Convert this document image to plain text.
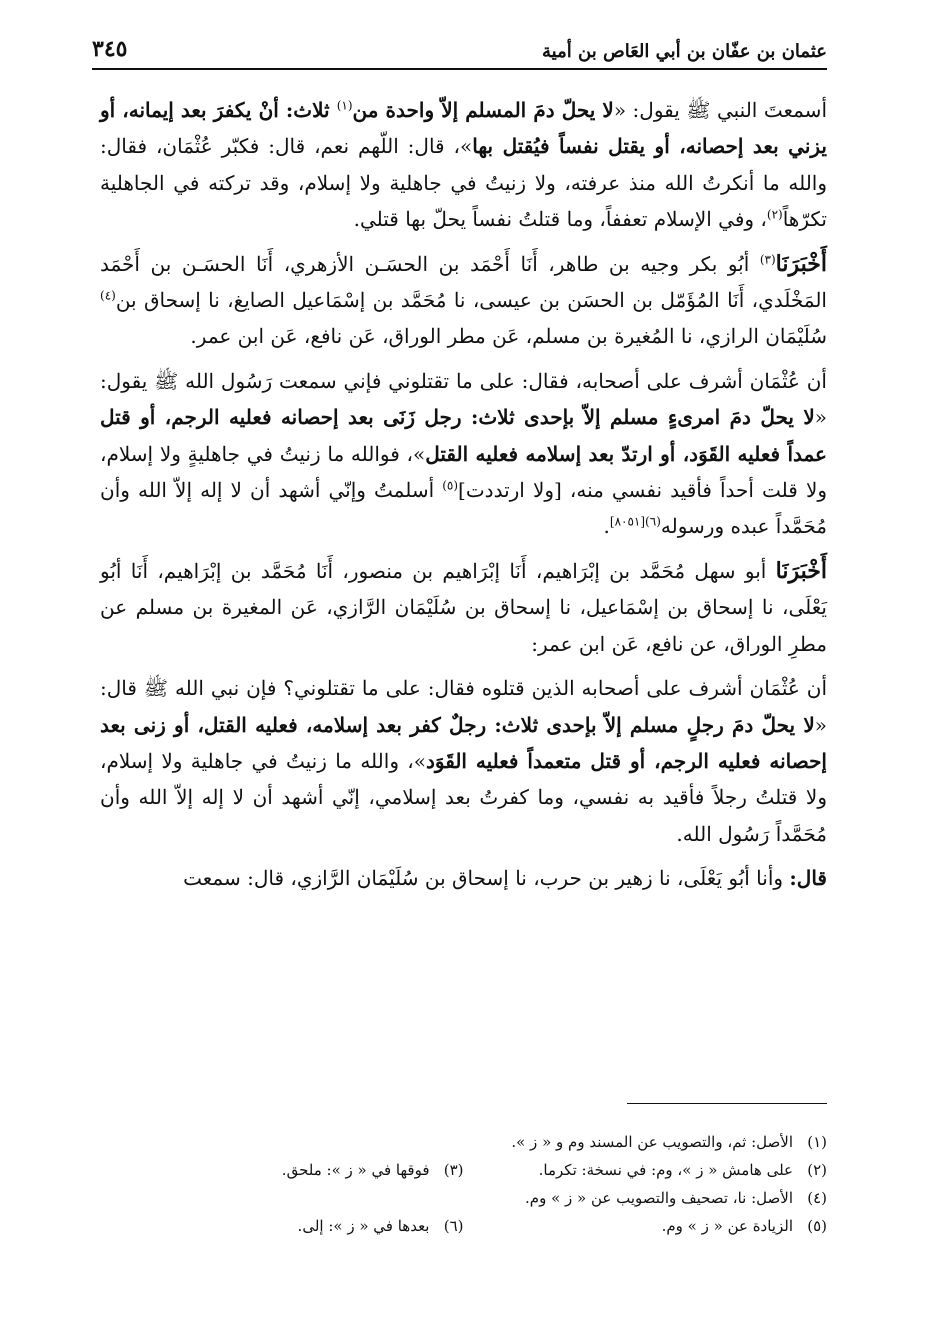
عثمان بن عفّان بن أبي العَاص بن أمية
٣٤٥

أسمعتَ النبي ﷺ يقول: «لا يحلّ دمَ المسلم إلاّ واحدة من$^{(١)}$ ثلاث: أنْ يكفرَ بعد إيمانه، أو يزني بعد إحصانه، أو يقتل نفساً فيُقتل بها»، قال: اللّهم نعم، قال: فكبّر عُثْمَان، فقال: والله ما أنكرتُ الله منذ عرفته، ولا زنيتُ في جاهلية ولا إسلام، وقد تركته في الجاهلية تكرّهاً$^{(٢)}$، وفي الإسلام تعففاً، وما قتلتُ نفساً يحلّ بها قتلي.

أَخْبَرَنَا$^{(٣)}$ أبُو بكر وجيه بن طاهر، أَنَا أَحْمَد بن الحسَـن الأزهري، أَنَا الحسَـن بن أَحْمَد المَخْلَدي، أَنَا المُؤَمّل بن الحسَن بن عيسى، نا مُحَمَّد بن إسْمَاعيل الصايغ، نا إسحاق بن$^{(٤)}$ سُلَيْمَان الرازي، نا المُغيرة بن مسلم، عَن مطر الوراق، عَن نافع، عَن ابن عمر.

أن عُثْمَان أشرف على أصحابه، فقال: على ما تقتلوني فإني سمعت رَسُول الله ﷺ يقول: «لا يحلّ دمَ امرىءٍ مسلم إلاّ بإحدى ثلاث: رجل زَنَى بعد إحصانه فعليه الرجم، أو قتل عمداً فعليه القَوَد، أو ارتدّ بعد إسلامه فعليه القتل»، فوالله ما زنيتُ في جاهليةٍ ولا إسلام، ولا قلت أحداً فأقيد نفسي منه، [ولا ارتددت]$^{(٥)}$ أسلمتُ وإنّي أشهد أن لا إله إلاّ الله وأن مُحَمَّداً عبده ورسوله$^{(٦)[٨٠٥١]}$.

أَخْبَرَنَا أبو سهل مُحَمَّد بن إبْرَاهيم، أَنَا إبْرَاهيم بن منصور، أَنَا مُحَمَّد بن إبْرَاهيم، أَنَا أبُو يَعْلَى، نا إسحاق بن إسْمَاعيل، نا إسحاق بن سُلَيْمَان الرَّازي، عَن المغيرة بن مسلم عن مطرِ الوراق، عن نافع، عَن ابن عمر:

أن عُثْمَان أشرف على أصحابه الذين قتلوه فقال: على ما تقتلوني؟ فإن نبي الله ﷺ قال: «لا يحلّ دمَ رجلٍ مسلم إلاّ بإحدى ثلاث: رجلٌ كفر بعد إسلامه، فعليه القتل، أو زنى بعد إحصانه فعليه الرجم، أو قتل متعمداً فعليه القَوَد»، والله ما زنيتُ في جاهلية ولا إسلام، ولا قتلتُ رجلاً فأقيد به نفسي، وما كفرتُ بعد إسلامي، إنّي أشهد أن لا إله إلاّ الله وأن مُحَمَّداً رَسُول الله.

قال: وأنا أبُو يَعْلَى، نا زهير بن حرب، نا إسحاق بن سُلَيْمَان الرَّازي، قال: سمعت

(١)
الأصل: ثم، والتصويب عن المسند وم و « ز ».
(٢)
على هامش « ز »، وم: في نسخة: تكرما.
(٣)
فوقها في « ز »: ملحق.
(٤)
الأصل: نا، تصحيف والتصويب عن « ز » وم.
(٥)
الزيادة عن « ز » وم.
(٦)
بعدها في « ز »: إلى.
